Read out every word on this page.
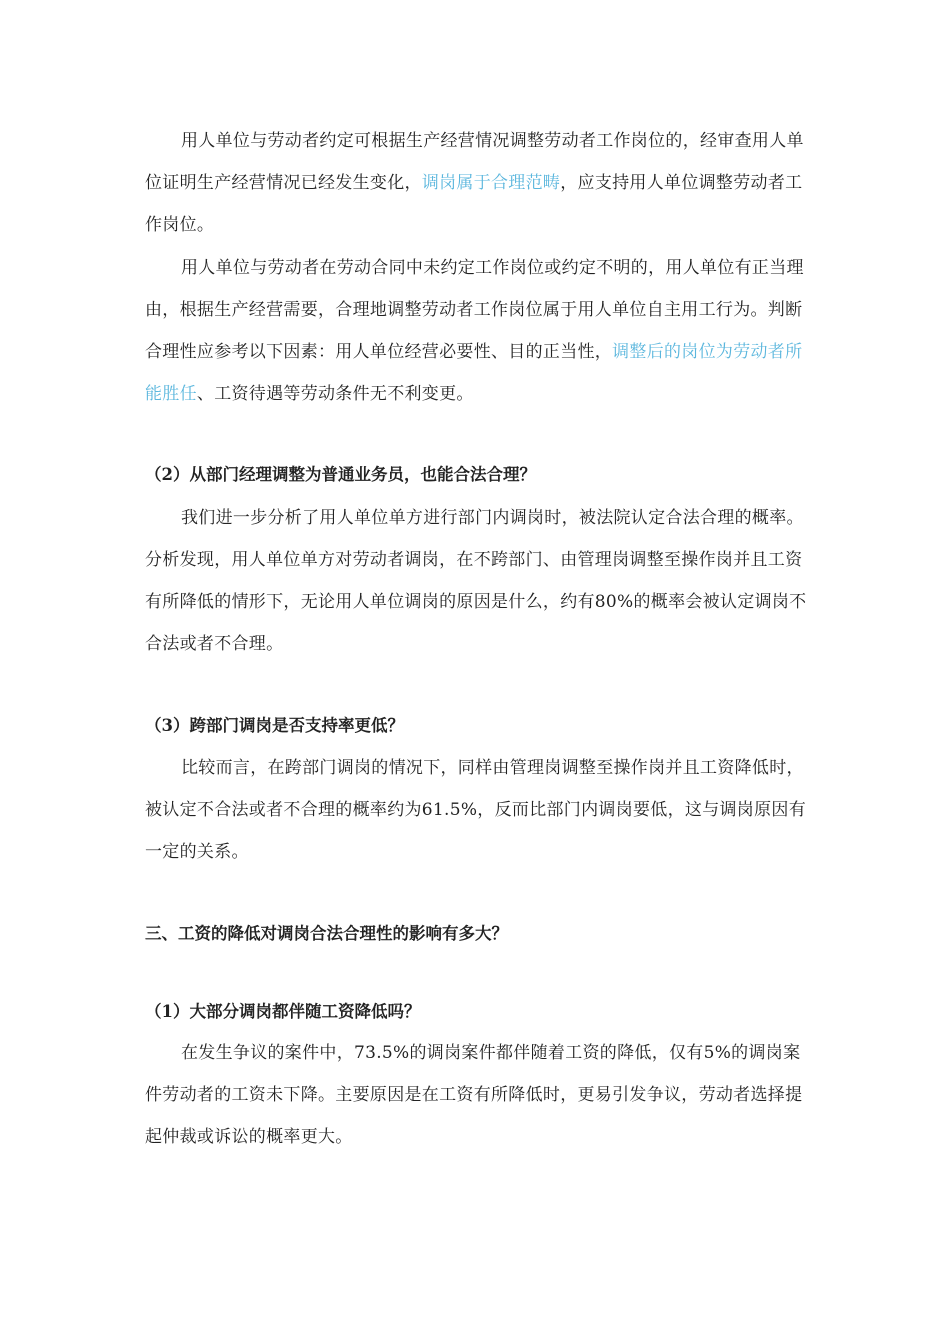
用人单位与劳动者约定可根据生产经营情况调整劳动者工作岗位的，经审查用人单位证明生产经营情况已经发生变化，调岗属于合理范畴，应支持用人单位调整劳动者工作岗位。

用人单位与劳动者在劳动合同中未约定工作岗位或约定不明的，用人单位有正当理由，根据生产经营需要，合理地调整劳动者工作岗位属于用人单位自主用工行为。判断合理性应参考以下因素：用人单位经营必要性、目的正当性，调整后的岗位为劳动者所能胜任、工资待遇等劳动条件无不利变更。

（2）从部门经理调整为普通业务员，也能合法合理？

我们进一步分析了用人单位单方进行部门内调岗时，被法院认定合法合理的概率。分析发现，用人单位单方对劳动者调岗，在不跨部门、由管理岗调整至操作岗并且工资有所降低的情形下，无论用人单位调岗的原因是什么，约有80%的概率会被认定调岗不合法或者不合理。

（3）跨部门调岗是否支持率更低？

比较而言，在跨部门调岗的情况下，同样由管理岗调整至操作岗并且工资降低时，被认定不合法或者不合理的概率约为61.5%，反而比部门内调岗要低，这与调岗原因有一定的关系。

三、工资的降低对调岗合法合理性的影响有多大？
（1）大部分调岗都伴随工资降低吗？

在发生争议的案件中，73.5%的调岗案件都伴随着工资的降低，仅有5%的调岗案件劳动者的工资未下降。主要原因是在工资有所降低时，更易引发争议，劳动者选择提起仲裁或诉讼的概率更大。
